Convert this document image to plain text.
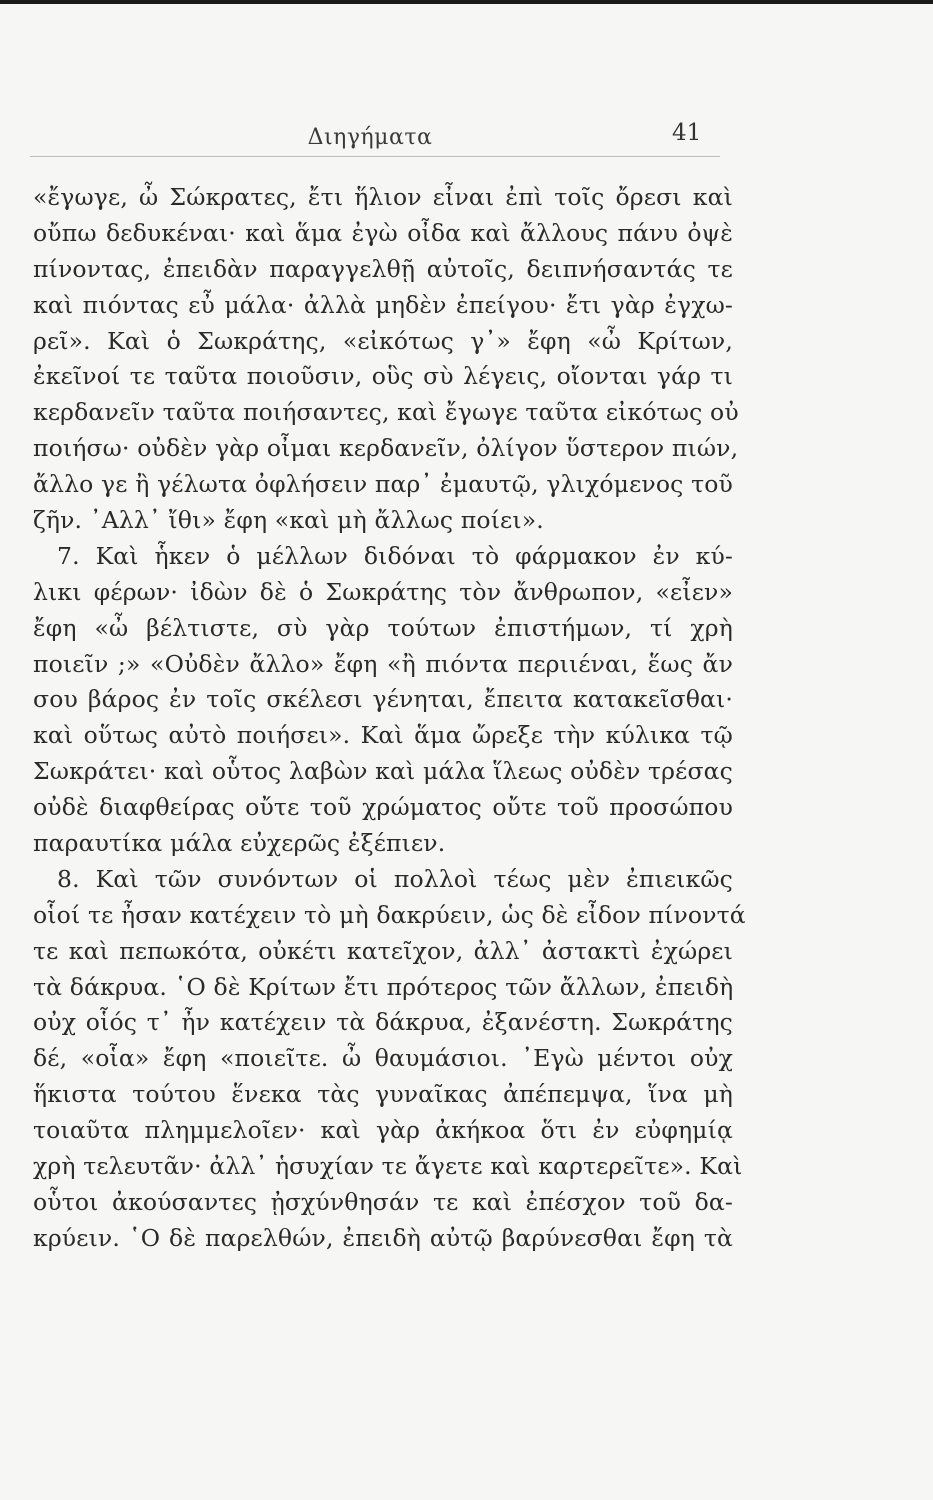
Διηγήματα	41
«ἔγωγε, ὦ Σώκρατες, ἔτι ἥλιον εἶναι ἐπὶ τοῖς ὄρεσι καὶ
οὔπω δεδυκέναι· καὶ ἅμα ἐγὼ οἶδα καὶ ἄλλους πάνυ ὀψὲ
πίνοντας, ἐπειδὰν παραγγελθῇ αὐτοῖς, δειπνήσαντάς τε
καὶ πιόντας εὖ μάλα· ἀλλὰ μηδὲν ἐπείγου· ἔτι γὰρ ἐγχω-
ρεῖ». Καὶ ὁ Σωκράτης, «εἰκότως γ᾽» ἔφη «ὦ Κρίτων,
ἐκεῖνοί τε ταῦτα ποιοῦσιν, οὓς σὺ λέγεις, οἴονται γάρ τι
κερδανεῖν ταῦτα ποιήσαντες, καὶ ἔγωγε ταῦτα εἰκότως οὐ
ποιήσω· οὐδὲν γὰρ οἶμαι κερδανεῖν, ὀλίγον ὕστερον πιών,
ἄλλο γε ἢ γέλωτα ὀφλήσειν παρ᾽ ἐμαυτῷ, γλιχόμενος τοῦ
ζῆν. ᾿Αλλ᾽ ἴθι» ἔφη «καὶ μὴ ἄλλως ποίει».
7. Καὶ ἧκεν ὁ μέλλων διδόναι τὸ φάρμακον ἐν κύ-
λικι φέρων· ἰδὼν δὲ ὁ Σωκράτης τὸν ἄνθρωπον, «εἶεν»
ἔφη «ὦ βέλτιστε, σὺ γὰρ τούτων ἐπιστήμων, τί χρὴ
ποιεῖν ;» «Οὐδὲν ἄλλο» ἔφη «ἢ πιόντα περιιέναι, ἕως ἄν
σου βάρος ἐν τοῖς σκέλεσι γένηται, ἔπειτα κατακεῖσθαι·
καὶ οὕτως αὐτὸ ποιήσει». Καὶ ἅμα ὤρεξε τὴν κύλικα τῷ
Σωκράτει· καὶ οὗτος λαβὼν καὶ μάλα ἵλεως οὐδὲν τρέσας
οὐδὲ διαφθείρας οὔτε τοῦ χρώματος οὔτε τοῦ προσώπου
παραυτίκα μάλα εὐχερῶς ἐξέπιεν.
8. Καὶ τῶν συνόντων οἱ πολλοὶ τέως μὲν ἐπιεικῶς
οἷοί τε ἦσαν κατέχειν τὸ μὴ δακρύειν, ὡς δὲ εἶδον πίνοντά
τε καὶ πεπωκότα, οὐκέτι κατεῖχον, ἀλλ᾽ ἀστακτὶ ἐχώρει
τὰ δάκρυα. ῾Ο δὲ Κρίτων ἔτι πρότερος τῶν ἄλλων, ἐπειδὴ
οὐχ οἷός τ᾽ ἦν κατέχειν τὰ δάκρυα, ἐξανέστη. Σωκράτης
δέ, «οἷα» ἔφη «ποιεῖτε. ὦ θαυμάσιοι. ᾿Εγὼ μέντοι οὐχ
ἥκιστα τούτου ἕνεκα τὰς γυναῖκας ἀπέπεμψα, ἵνα μὴ
τοιαῦτα πλημμελοῖεν· καὶ γὰρ ἀκήκοα ὅτι ἐν εὐφημίᾳ
χρὴ τελευτᾶν· ἀλλ᾽ ἡσυχίαν τε ἄγετε καὶ καρτερεῖτε». Καὶ
οὗτοι ἀκούσαντες ᾐσχύνθησάν τε καὶ ἐπέσχον τοῦ δα-
κρύειν. ῾Ο δὲ παρελθών, ἐπειδὴ αὐτῷ βαρύνεσθαι ἔφη τὰ
